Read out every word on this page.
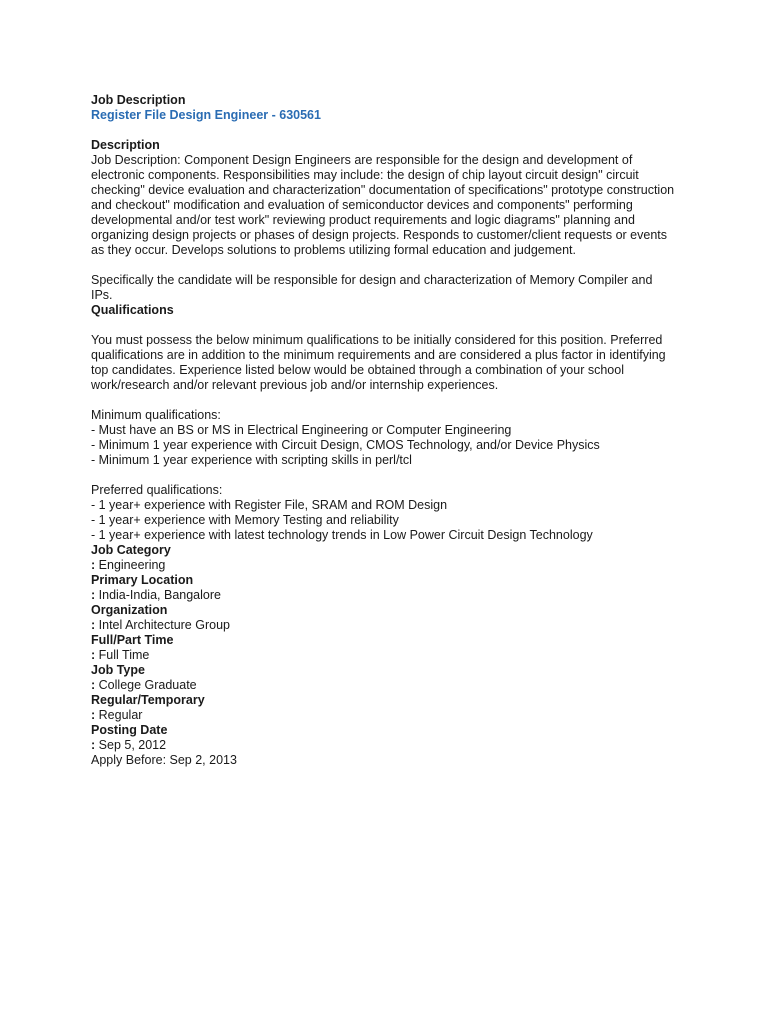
Job Description

Register File Design Engineer - 630561

Description

Job Description: Component Design Engineers are responsible for the design and development of
electronic components. Responsibilities may include: the design of chip layout circuit design" circuit
checking" device evaluation and characterization" documentation of specifications" prototype construction
and checkout" modification and evaluation of semiconductor devices and components" performing
developmental and/or test work" reviewing product requirements and logic diagrams" planning and
organizing design projects or phases of design projects. Responds to customer/client requests or events
as they occur. Develops solutions to problems utilizing formal education and judgement.
Specifically the candidate will be responsible for design and characterization of Memory Compiler and
IPs.

Qualifications

You must possess the below minimum qualifications to be initially considered for this position. Preferred
qualifications are in addition to the minimum requirements and are considered a plus factor in identifying
top candidates. Experience listed below would be obtained through a combination of your school
work/research and/or relevant previous job and/or internship experiences.
Minimum qualifications:
- Must have an BS or MS in Electrical Engineering or Computer Engineering
- Minimum 1 year experience with Circuit Design, CMOS Technology, and/or Device Physics
- Minimum 1 year experience with scripting skills in perl/tcl
Preferred qualifications:
- 1 year+ experience with Register File, SRAM and ROM Design
- 1 year+ experience with Memory Testing and reliability
- 1 year+ experience with latest technology trends in Low Power Circuit Design Technology
Job Category
: Engineering
Primary Location
: India-India, Bangalore
Organization
: Intel Architecture Group
Full/Part Time
: Full Time
Job Type
: College Graduate
Regular/Temporary
: Regular
Posting Date
: Sep 5, 2012
Apply Before: Sep 2, 2013
